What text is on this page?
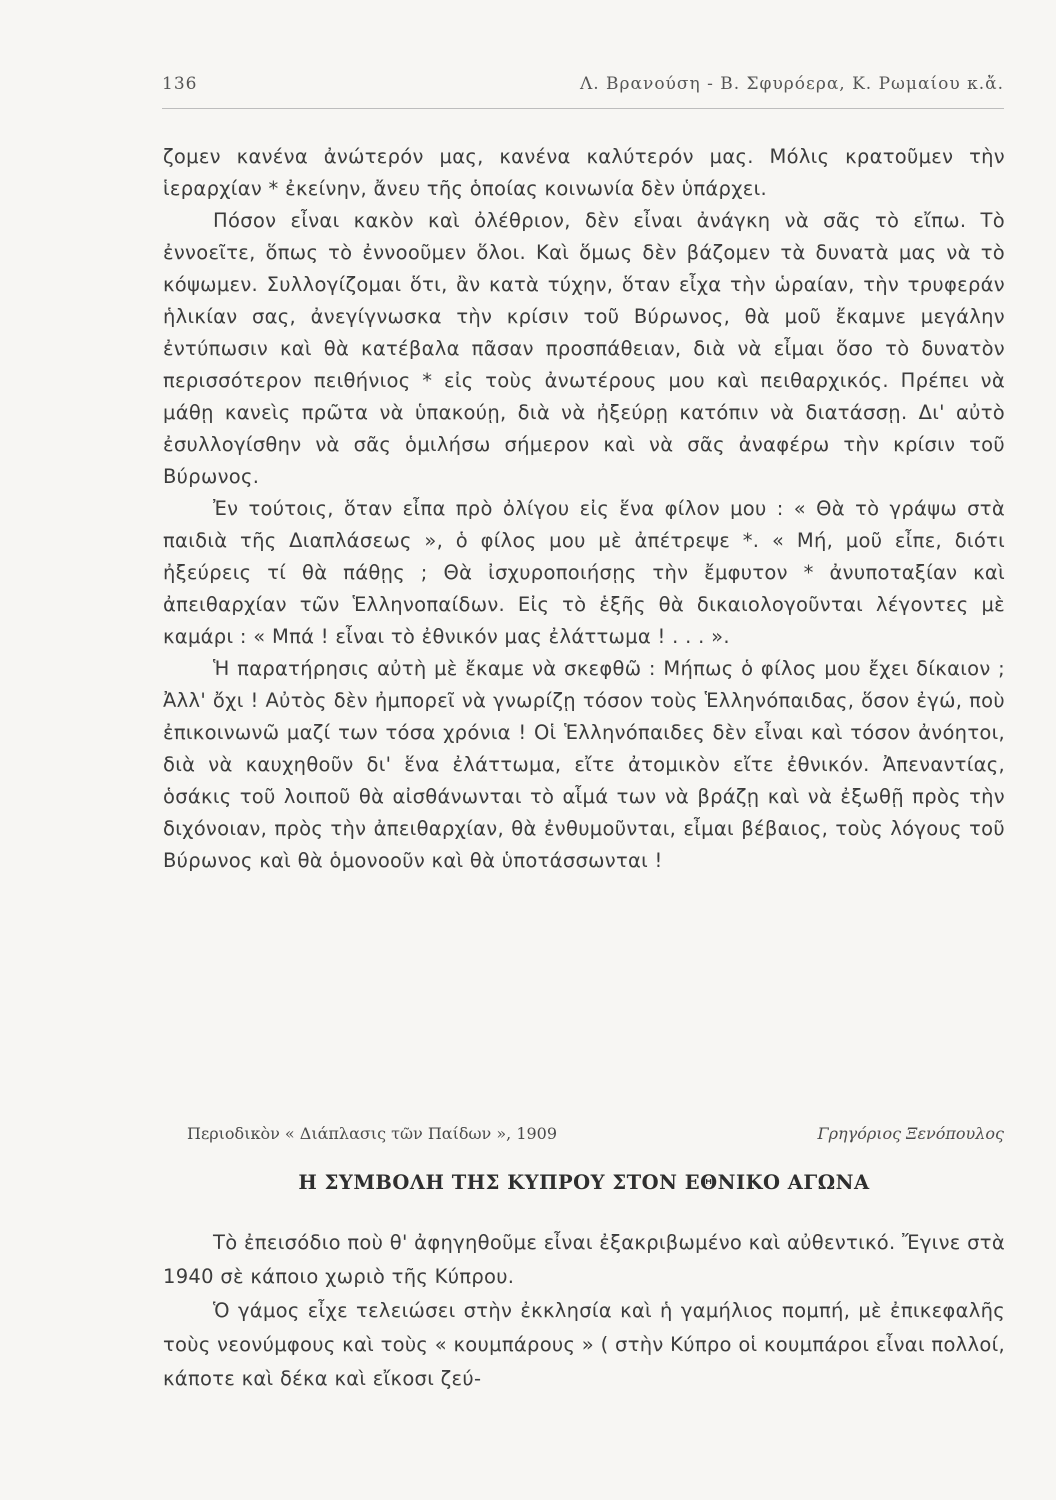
136	Λ. Βρανούση - Β. Σφυρόερα, Κ. Ρωμαίου κ.ἄ.

ζομεν κανένα ἀνώτερόν μας, κανένα καλύτερόν μας. Μόλις κρατοῦμεν τὴν ἱεραρχίαν * ἐκείνην, ἄνευ τῆς ὁποίας κοινωνία δὲν ὑπάρχει.

Πόσον εἶναι κακὸν καὶ ὀλέθριον, δὲν εἶναι ἀνάγκη νὰ σᾶς τὸ εἴπω. Τὸ ἐννοεῖτε, ὅπως τὸ ἐννοοῦμεν ὅλοι. Καὶ ὅμως δὲν βάζομεν τὰ δυνατὰ μας νὰ τὸ κόψωμεν. Συλλογίζομαι ὅτι, ἂν κατὰ τύχην, ὅταν εἶχα τὴν ὡραίαν, τὴν τρυφεράν ἡλικίαν σας, ἀνεγίγνωσκα τὴν κρίσιν τοῦ Βύρωνος, θὰ μοῦ ἔκαμνε μεγάλην ἐντύπωσιν καὶ θὰ κατέβαλα πᾶσαν προσπάθειαν, διὰ νὰ εἶμαι ὅσο τὸ δυνατὸν περισσότερον πειθήνιος * εἰς τοὺς ἀνωτέρους μου καὶ πειθαρχικός. Πρέπει νὰ μάθῃ κανεὶς πρῶτα νὰ ὑπακούῃ, διὰ νὰ ἠξεύρῃ κατόπιν νὰ διατάσσῃ. Δι' αὐτὸ ἐσυλλογίσθην νὰ σᾶς ὁμιλήσω σήμερον καὶ νὰ σᾶς ἀναφέρω τὴν κρίσιν τοῦ Βύρωνος.

Ἐν τούτοις, ὅταν εἶπα πρὸ ὀλίγου εἰς ἕνα φίλον μου : « Θὰ τὸ γράψω στὰ παιδιὰ τῆς Διαπλάσεως », ὁ φίλος μου μὲ ἀπέτρεψε *. « Μή, μοῦ εἶπε, διότι ἠξεύρεις τί θὰ πάθῃς ; Θὰ ἰσχυροποιήσῃς τὴν ἔμφυτον * ἀνυποταξίαν καὶ ἀπειθαρχίαν τῶν Ἑλληνοπαίδων. Εἰς τὸ ἑξῆς θὰ δικαιολογοῦνται λέγοντες μὲ καμάρι : « Μπά ! εἶναι τὸ ἐθνικόν μας ἐλάττωμα ! . . . ».

Ἡ παρατήρησις αὐτὴ μὲ ἔκαμε νὰ σκεφθῶ : Μήπως ὁ φίλος μου ἔχει δίκαιον ; Ἀλλ' ὄχι ! Αὐτὸς δὲν ἠμπορεῖ νὰ γνωρίζῃ τόσον τοὺς Ἑλληνόπαιδας, ὅσον ἐγώ, ποὺ ἐπικοινωνῶ μαζί των τόσα χρόνια ! Οἱ Ἑλληνόπαιδες δὲν εἶναι καὶ τόσον ἀνόητοι, διὰ νὰ καυχηθοῦν δι' ἕνα ἐλάττωμα, εἴτε ἀτομικὸν εἴτε ἐθνικόν. Ἀπεναντίας, ὁσάκις τοῦ λοιποῦ θὰ αἰσθάνωνται τὸ αἷμά των νὰ βράζῃ καὶ νὰ ἐξωθῇ πρὸς τὴν διχόνοιαν, πρὸς τὴν ἀπειθαρχίαν, θὰ ἐνθυμοῦνται, εἶμαι βέβαιος, τοὺς λόγους τοῦ Βύρωνος καὶ θὰ ὁμονοοῦν καὶ θὰ ὑποτάσσωνται !

Περιοδικὸν « Διάπλασις τῶν Παίδων », 1909	Γρηγόριος Ξενόπουλος
Η ΣΥΜΒΟΛΗ ΤΗΣ ΚΥΠΡΟΥ ΣΤΟΝ ΕΘΝΙΚΟ ΑΓΩΝΑ

Τὸ ἐπεισόδιο ποὺ θ' ἀφηγηθοῦμε εἶναι ἐξακριβωμένο καὶ αὐθεντικό. Ἔγινε στὰ 1940 σὲ κάποιο χωριὸ τῆς Κύπρου.

Ὁ γάμος εἶχε τελειώσει στὴν ἐκκλησία καὶ ἡ γαμήλιος πομπή, μὲ ἐπικεφαλῆς τοὺς νεονύμφους καὶ τοὺς « κουμπάρους » ( στὴν Κύπρο οἱ κουμπάροι εἶναι πολλοί, κάποτε καὶ δέκα καὶ εἴκοσι ζεύ-
